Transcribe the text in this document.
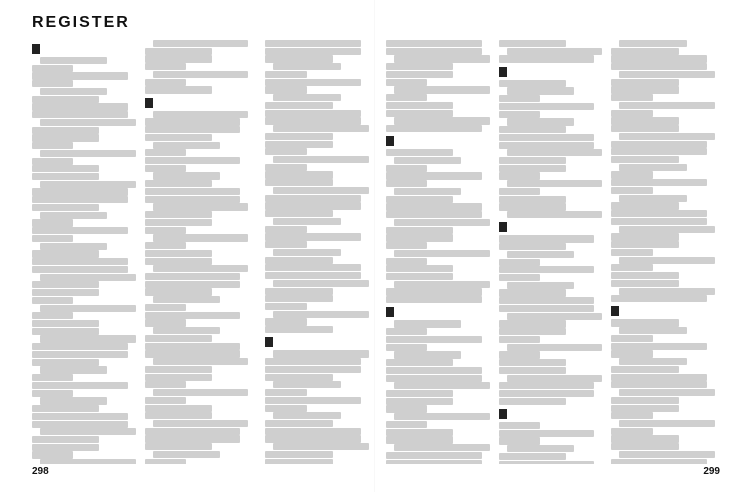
REGISTER
298	299
